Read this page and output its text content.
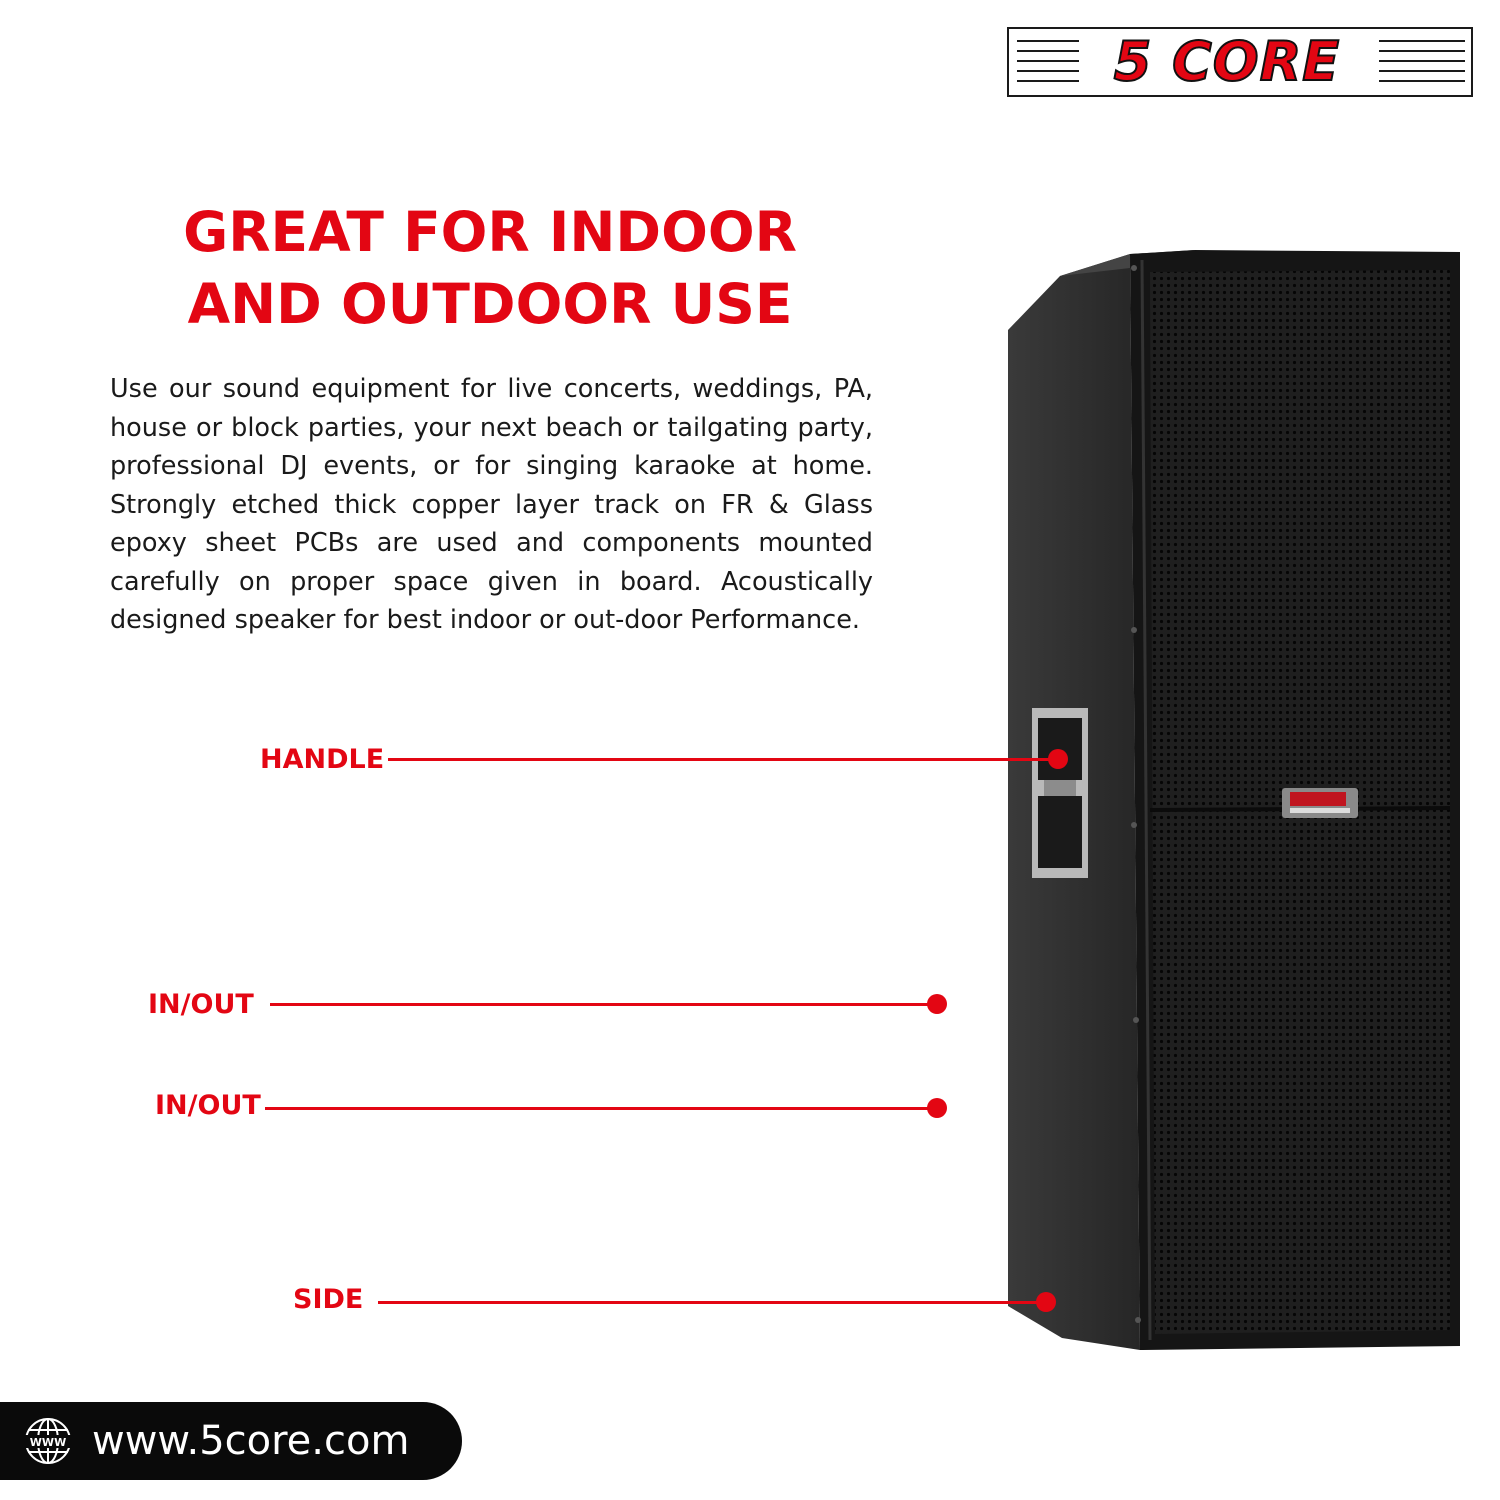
5 CORE
GREAT FOR INDOOR
AND OUTDOOR USE
Use our sound equipment for live concerts, weddings, PA, house or block parties, your next beach or tailgating party, professional DJ events, or for singing karaoke at home. Strongly etched thick copper layer track on FR & Glass epoxy sheet PCBs are used and components mounted carefully on proper space given in board. Acoustically designed speaker for best indoor or out-door Performance.
HANDLE
IN/OUT
IN/OUT
SIDE
WWW www.5core.com
